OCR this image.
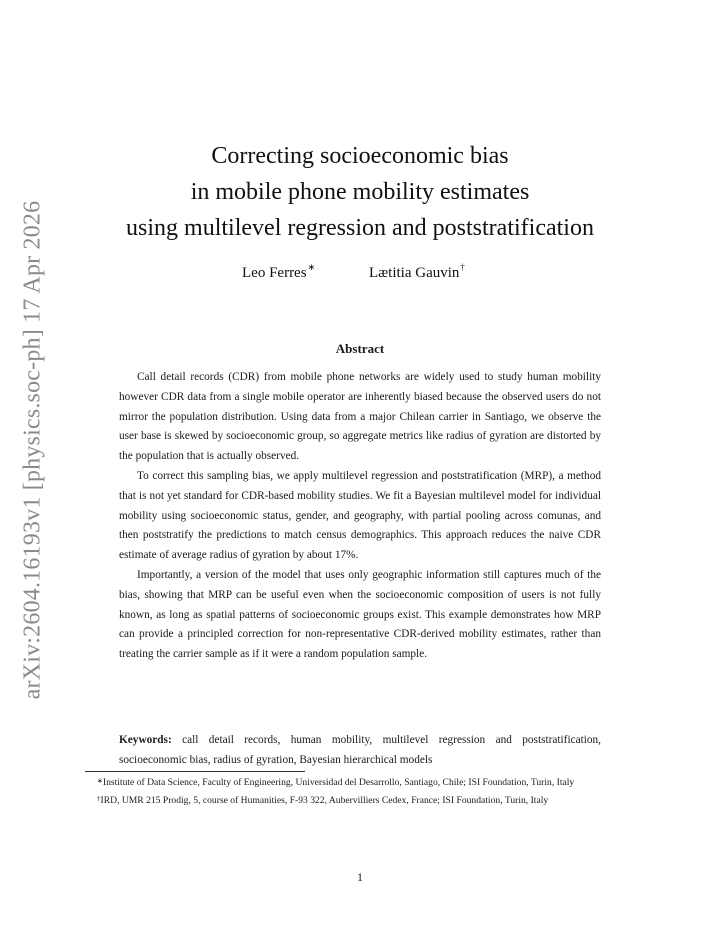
arXiv:2604.16193v1 [physics.soc-ph] 17 Apr 2026
Correcting socioeconomic bias
in mobile phone mobility estimates
using multilevel regression and poststratification
Leo Ferres∗	Lætitia Gauvin†
Abstract

Call detail records (CDR) from mobile phone networks are widely used to study human mobility however CDR data from a single mobile operator are inherently biased because the observed users do not mirror the population distribution. Using data from a major Chilean carrier in Santiago, we observe the user base is skewed by socioeconomic group, so aggregate metrics like radius of gyration are distorted by the population that is actually observed.

To correct this sampling bias, we apply multilevel regression and poststratification (MRP), a method that is not yet standard for CDR-based mobility studies. We fit a Bayesian multilevel model for individual mobility using socioeconomic status, gender, and geography, with partial pooling across comunas, and then poststratify the predictions to match census demographics. This approach reduces the naive CDR estimate of average radius of gyration by about 17%.

Importantly, a version of the model that uses only geographic information still captures much of the bias, showing that MRP can be useful even when the socioeconomic composition of users is not fully known, as long as spatial patterns of socioeconomic groups exist. This example demonstrates how MRP can provide a principled correction for non-representative CDR-derived mobility estimates, rather than treating the carrier sample as if it were a random population sample.

Keywords: call detail records, human mobility, multilevel regression and poststratification, socioeconomic bias, radius of gyration, Bayesian hierarchical models

∗Institute of Data Science, Faculty of Engineering, Universidad del Desarrollo, Santiago, Chile; ISI Foundation, Turin, Italy

†IRD, UMR 215 Prodig, 5, course of Humanities, F-93 322, Aubervilliers Cedex, France; ISI Foundation, Turin, Italy

1
